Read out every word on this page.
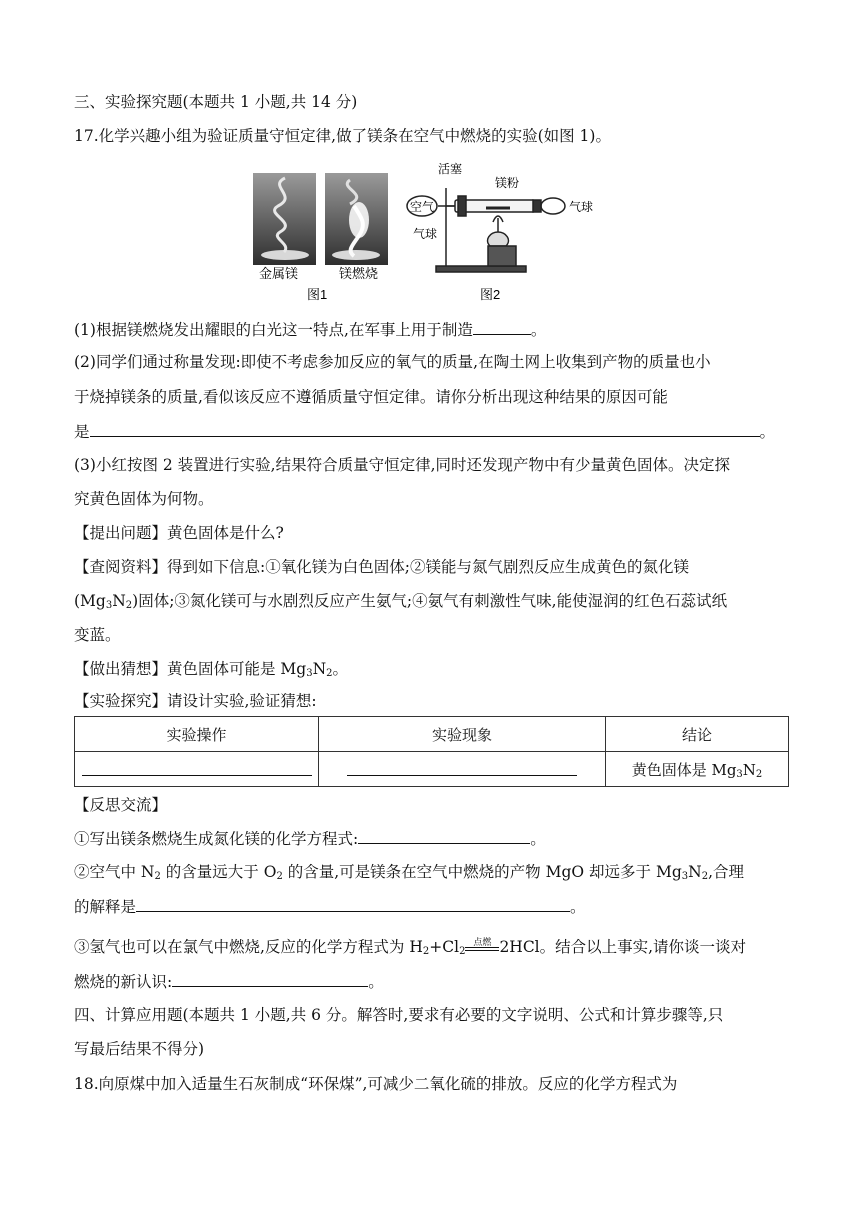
三、实验探究题(本题共 1 小题,共 14 分)
17.化学兴趣小组为验证质量守恒定律,做了镁条在空气中燃烧的实验(如图 1)。
金属镁	镁燃烧
图1
活塞
镁粉
空气
气球
气球
图2
(1)根据镁燃烧发出耀眼的白光这一特点,在军事上用于制造	。
(2)同学们通过称量发现:即使不考虑参加反应的氧气的质量,在陶土网上收集到产物的质量也小
于烧掉镁条的质量,看似该反应不遵循质量守恒定律。请你分析出现这种结果的原因可能
是	。
(3)小红按图 2 装置进行实验,结果符合质量守恒定律,同时还发现产物中有少量黄色固体。决定探
究黄色固体为何物。
【提出问题】黄色固体是什么?
【查阅资料】得到如下信息:①氧化镁为白色固体;②镁能与氮气剧烈反应生成黄色的氮化镁
$(Mg_3N_2)$固体;③氮化镁可与水剧烈反应产生氨气;④氨气有刺激性气味,能使湿润的红色石蕊试纸
变蓝。
【做出猜想】黄色固体可能是 $Mg_3N_2$。
【实验探究】请设计实验,验证猜想:
实验操作	实验现象	结论
		黄色固体是 $Mg_3N_2$
【反思交流】
①写出镁条燃烧生成氮化镁的化学方程式:	。
②空气中 $N_2$ 的含量远大于 $O_2$ 的含量,可是镁条在空气中燃烧的产物 MgO 却远多于 $Mg_3N_2$,合理
的解释是	。
③氢气也可以在氯气中燃烧,反应的化学方程式为 $H_2+Cl_2$
点燃 2HCl。结合以上事实,请你谈一谈对
燃烧的新认识:	。
四、计算应用题(本题共 1 小题,共 6 分。解答时,要求有必要的文字说明、公式和计算步骤等,只
写最后结果不得分)
18.向原煤中加入适量生石灰制成“环保煤”,可减少二氧化硫的排放。反应的化学方程式为
